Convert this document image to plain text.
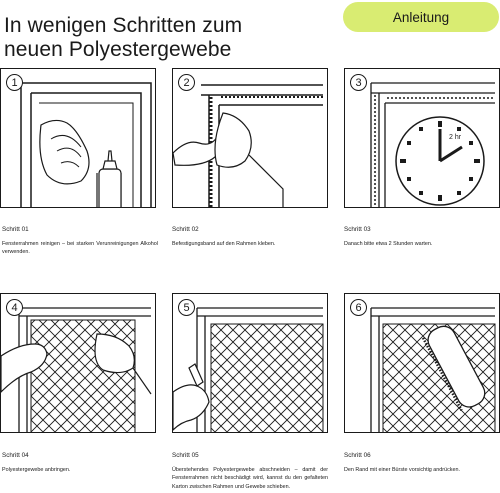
In wenigen Schritten zum
neuen Polyestergewebe
Anleitung
1
Schritt 01
Fensterrahmen reinigen – bei starken Verunreinigungen Alkohol verwenden.
2
Schritt 02
Befestigungsband auf den Rahmen kleben.
3
2 hr
Schritt 03
Danach bitte etwa 2 Stunden warten.
4
Schritt 04
5
Schritt 05
Überstehendes Polyestergewebe abschneiden – damit der Fensterrahmen nicht beschädigt wird, kannst du den gefalteten Karton zwischen Rahmen und Gewebe schieben.
6
Schritt 06
Den Rand mit einer Bürste vorsichtig andrücken.
Polyestergewebe anbringen.
